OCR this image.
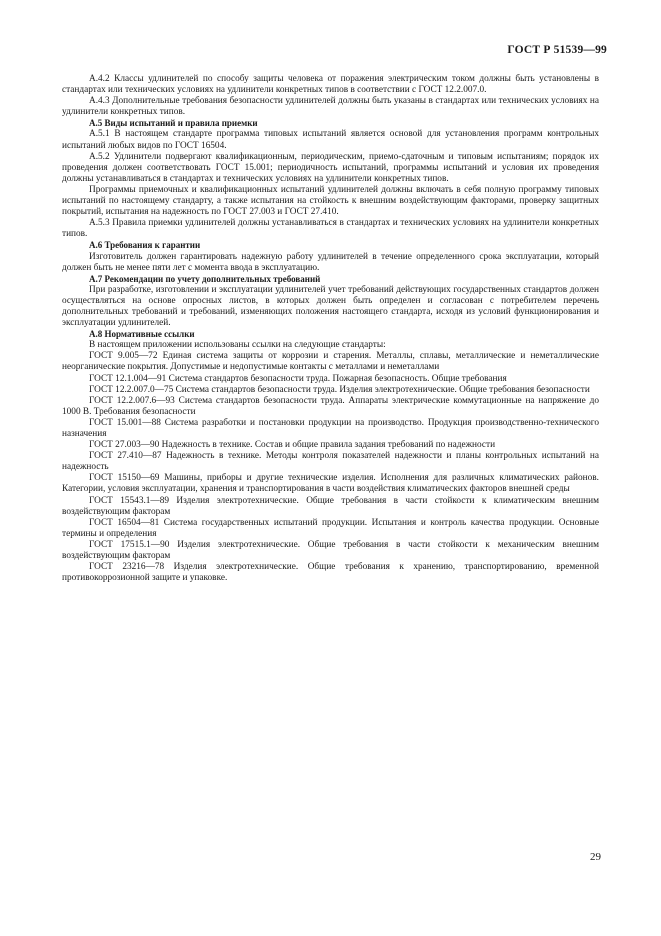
ГОСТ Р 51539—99

А.4.2 Классы удлинителей по способу защиты человека от поражения электрическим током должны быть установлены в стандартах или технических условиях на удлинители конкретных типов в соответствии с ГОСТ 12.2.007.0.

А.4.3 Дополнительные требования безопасности удлинителей должны быть указаны в стандартах или технических условиях на удлинители конкретных типов.

А.5 Виды испытаний и правила приемки

А.5.1 В настоящем стандарте программа типовых испытаний является основой для установления программ контрольных испытаний любых видов по ГОСТ 16504.

А.5.2 Удлинители подвергают квалификационным, периодическим, приемо-сдаточным и типовым испытаниям; порядок их проведения должен соответствовать ГОСТ 15.001; периодичность испытаний, программы испытаний и условия их проведения должны устанавливаться в стандартах и технических условиях на удлинители конкретных типов.

Программы приемочных и квалификационных испытаний удлинителей должны включать в себя полную программу типовых испытаний по настоящему стандарту, а также испытания на стойкость к внешним воздействующим факторами, проверку защитных покрытий, испытания на надежность по ГОСТ 27.003 и ГОСТ 27.410.

А.5.3 Правила приемки удлинителей должны устанавливаться в стандартах и технических условиях на удлинители конкретных типов.

А.6 Требования к гарантии

Изготовитель должен гарантировать надежную работу удлинителей в течение определенного срока эксплуатации, который должен быть не менее пяти лет с момента ввода в эксплуатацию.

А.7 Рекомендации по учету дополнительных требований

При разработке, изготовлении и эксплуатации удлинителей учет требований действующих государственных стандартов должен осуществляться на основе опросных листов, в которых должен быть определен и согласован с потребителем перечень дополнительных требований и требований, изменяющих положения настоящего стандарта, исходя из условий функционирования и эксплуатации удлинителей.

А.8 Нормативные ссылки

В настоящем приложении использованы ссылки на следующие стандарты:

ГОСТ 9.005—72 Единая система защиты от коррозии и старения. Металлы, сплавы, металлические и неметаллические неорганические покрытия. Допустимые и недопустимые контакты с металлами и неметаллами

ГОСТ 12.1.004—91 Система стандартов безопасности труда. Пожарная безопасность. Общие требования

ГОСТ 12.2.007.0—75 Система стандартов безопасности труда. Изделия электротехнические. Общие требования безопасности

ГОСТ 12.2.007.6—93 Система стандартов безопасности труда. Аппараты электрические коммутационные на напряжение до 1000 В. Требования безопасности

ГОСТ 15.001—88 Система разработки и постановки продукции на производство. Продукция производственно-технического назначения

ГОСТ 27.003—90 Надежность в технике. Состав и общие правила задания требований по надежности

ГОСТ 27.410—87 Надежность в технике. Методы контроля показателей надежности и планы контрольных испытаний на надежность

ГОСТ 15150—69 Машины, приборы и другие технические изделия. Исполнения для различных климатических районов. Категории, условия эксплуатации, хранения и транспортирования в части воздействия климатических факторов внешней среды

ГОСТ 15543.1—89 Изделия электротехнические. Общие требования в части стойкости к климатическим внешним воздействующим факторам

ГОСТ 16504—81 Система государственных испытаний продукции. Испытания и контроль качества продукции. Основные термины и определения

ГОСТ 17515.1—90 Изделия электротехнические. Общие требования в части стойкости к механическим внешним воздействующим факторам

ГОСТ 23216—78 Изделия электротехнические. Общие требования к хранению, транспортированию, временной противокоррозионной защите и упаковке.

29
